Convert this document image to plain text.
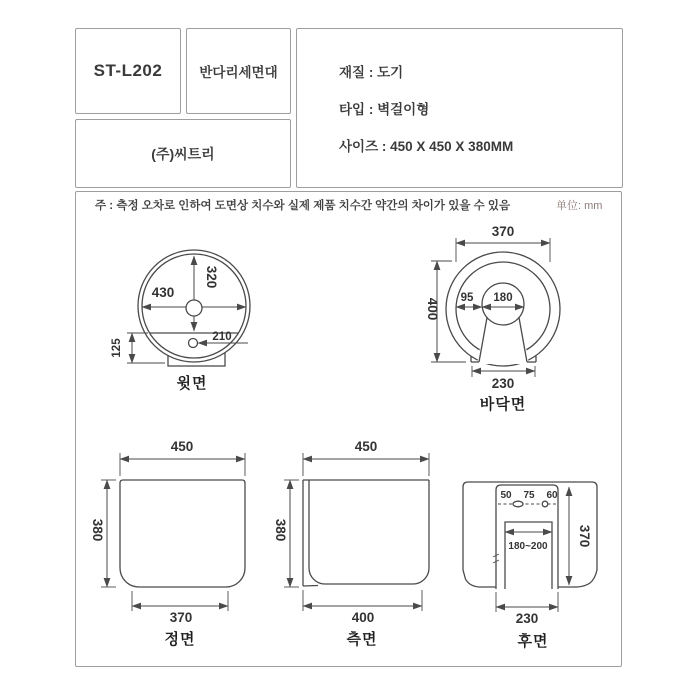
ST-L202	반다리세면대
(주)씨트리
재질 : 도기
타입 : 벽걸이형
사이즈 : 450 X 450 X 380MM
주 : 측정 오차로 인하여 도면상 치수와 실제 제품 치수간 약간의 차이가 있을 수 있음	单位: mm
430
320
210
125
윗면
370
400 95 180
230
바닥면
450
380
370
정면
450
380
400
측면
50 75 60
370
180~200
230
후면
